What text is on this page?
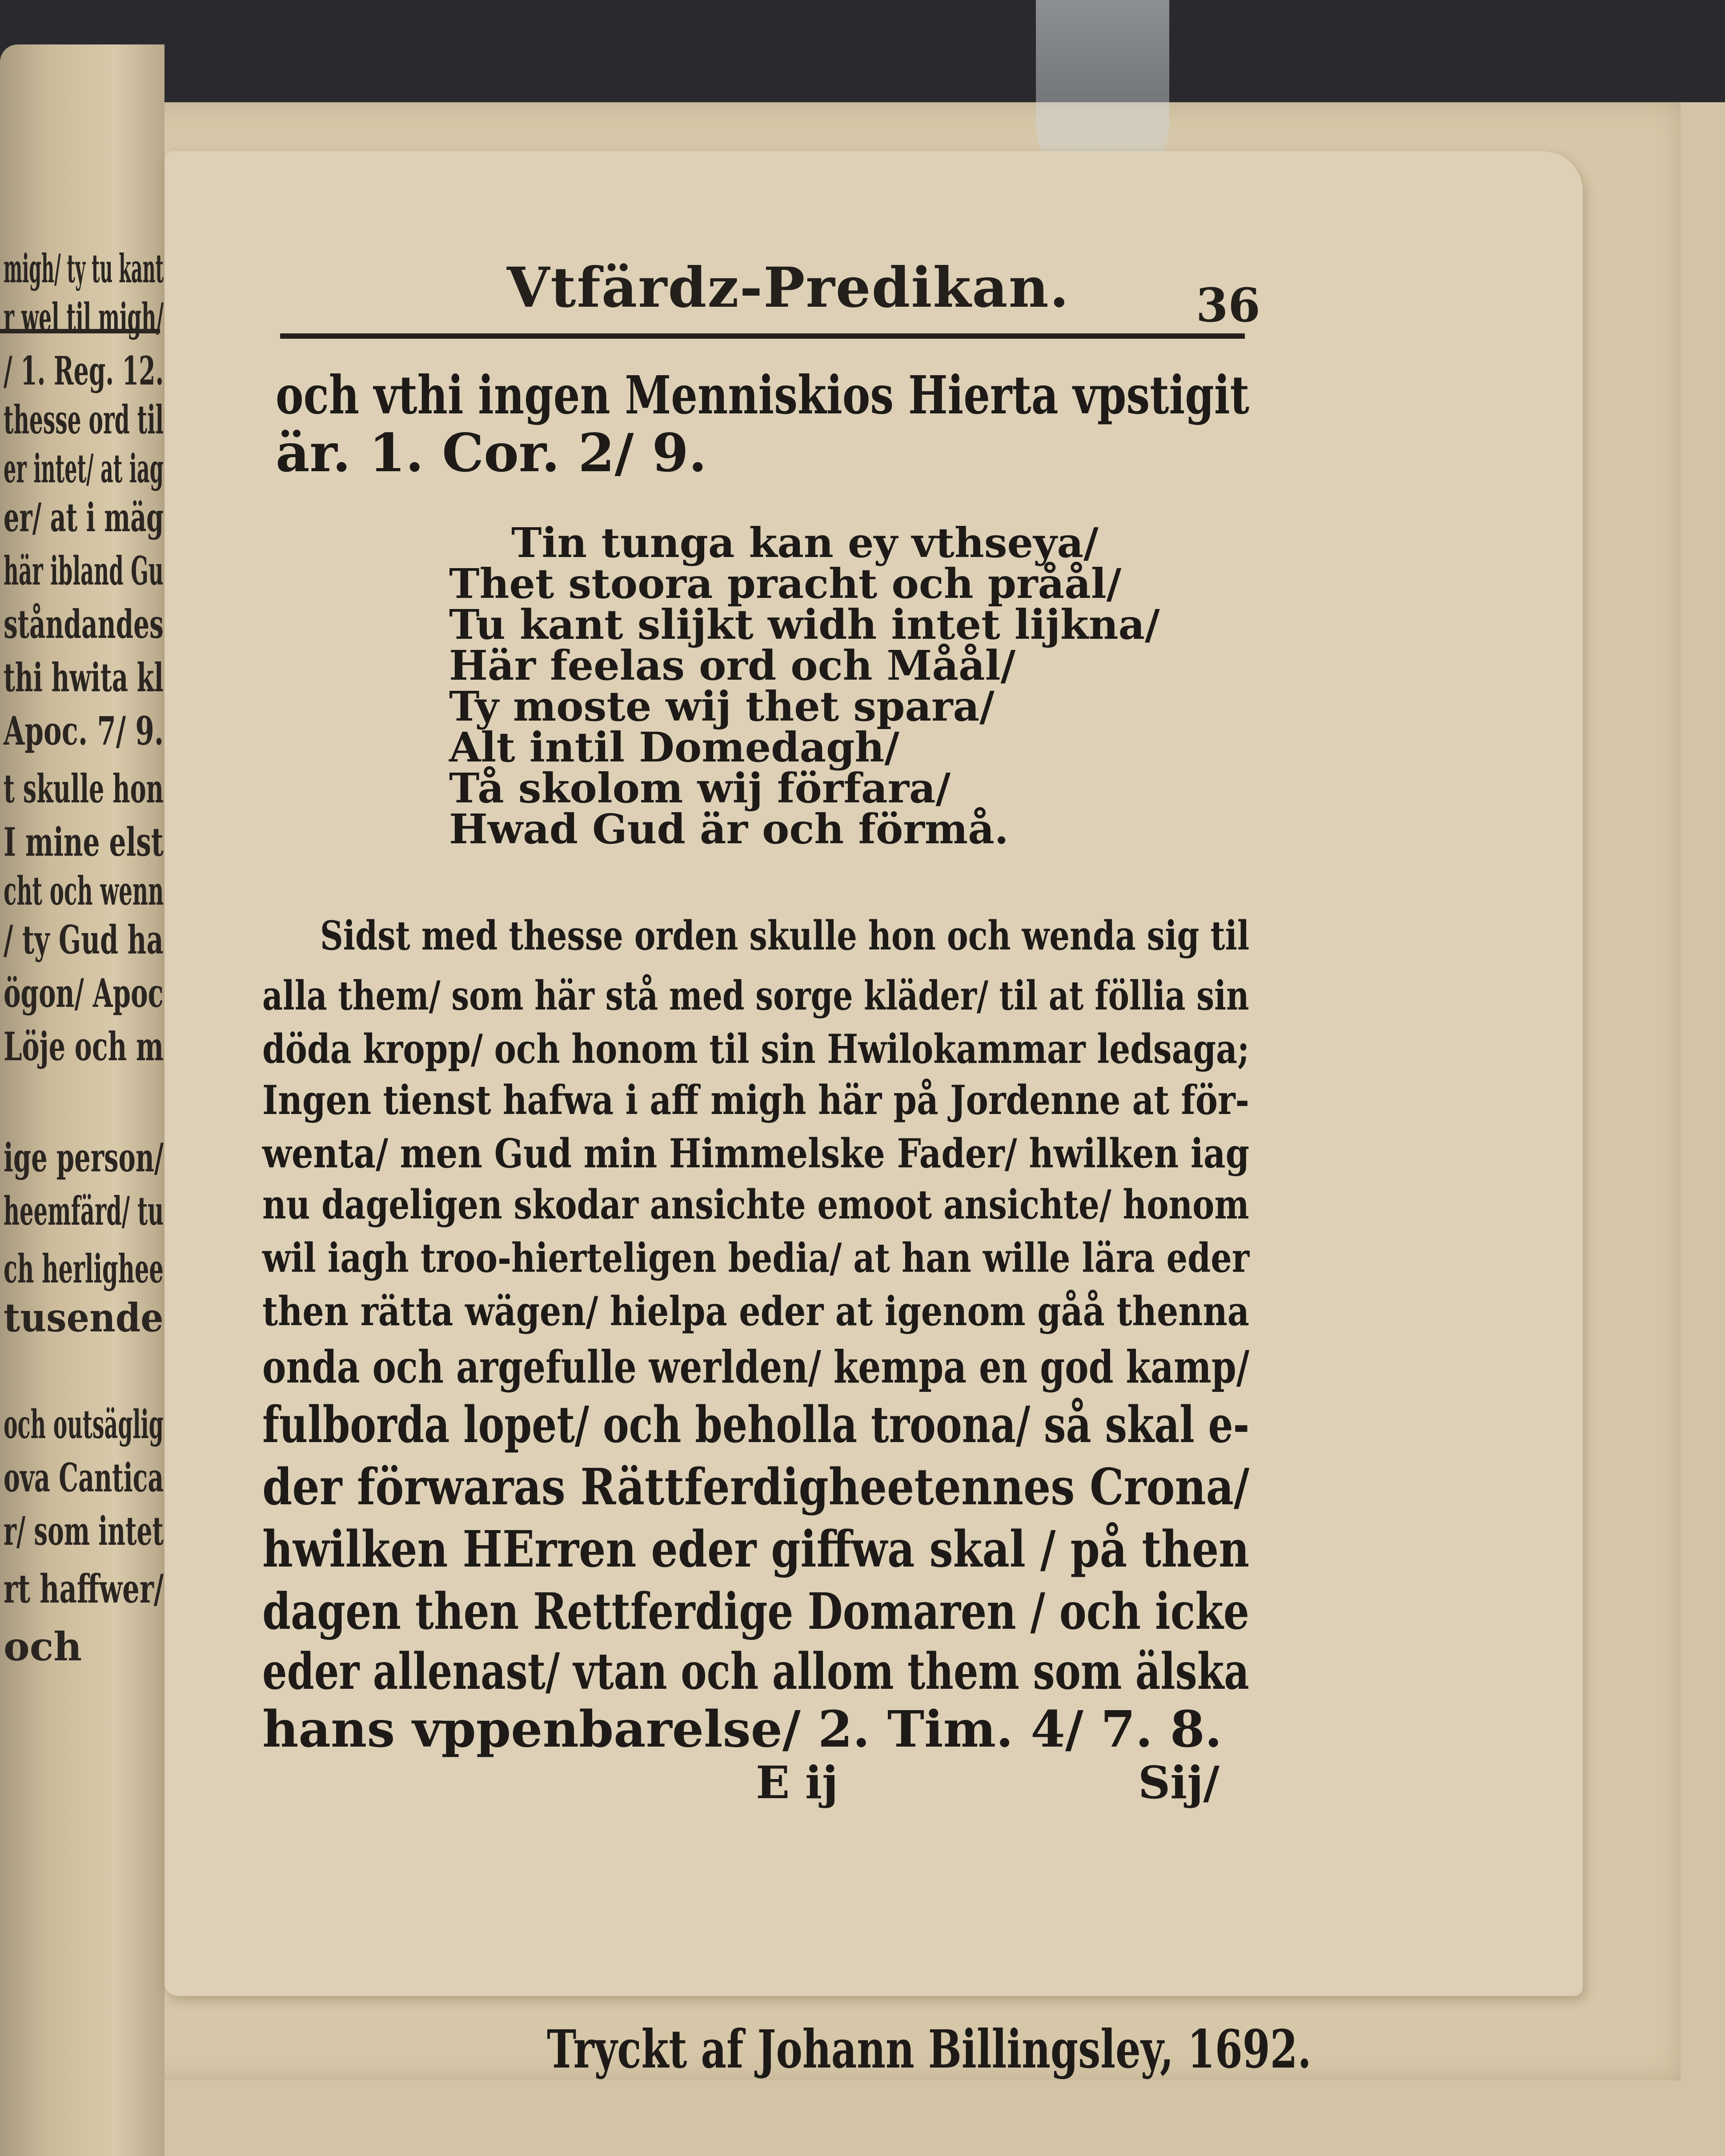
migh/ ty tu kant
r wel til migh/
/ 1. Reg. 12.
thesse ord til
er intet/ at iag
er/ at i mäg
här ibland Gu
ståndandes
thi hwita kl
Apoc. 7/ 9.
t skulle hon
I mine elst
cht och wenn
/ ty Gud ha
ögon/ Apoc
Löje och m
ige person/
heemfärd/ tu
ch herlighee
tusende
och outsäglig
ova Cantica
r/ som intet
rt haffwer/
och
Vtfärdz-Predikan.	36
och vthi ingen Menniskios Hierta vpstigit
är. 1. Cor. 2/ 9.
Tin tunga kan ey vthseya/
Thet stoora pracht och pråål/
Tu kant slijkt widh intet lijkna/
Här feelas ord och Måål/
Ty moste wij thet spara/
Alt intil Domedagh/
Tå skolom wij förfara/
Hwad Gud är och förmå.
Sidst med thesse orden skulle hon och wenda sig til
alla them/ som här stå med sorge kläder/ til at föllia sin
döda kropp/ och honom til sin Hwilokammar ledsaga;
Ingen tienst hafwa i aff migh här på Jordenne at för-
wenta/ men Gud min Himmelske Fader/ hwilken iag
nu dageligen skodar ansichte emoot ansichte/ honom
wil iagh troo-hierteligen bedia/ at han wille lära eder
then rätta wägen/ hielpa eder at igenom gåå thenna
onda och argefulle werlden/ kempa en god kamp/
fulborda lopet/ och beholla troona/ så skal e-
der förwaras Rättferdigheetennes Crona/
hwilken HErren eder giffwa skal / på then
dagen then Rettferdige Domaren / och icke
eder allenast/ vtan och allom them som älska
hans vppenbarelse/ 2. Tim. 4/ 7. 8.
E ij	Sij/
Tryckt af Johann Billingsley, 1692.
